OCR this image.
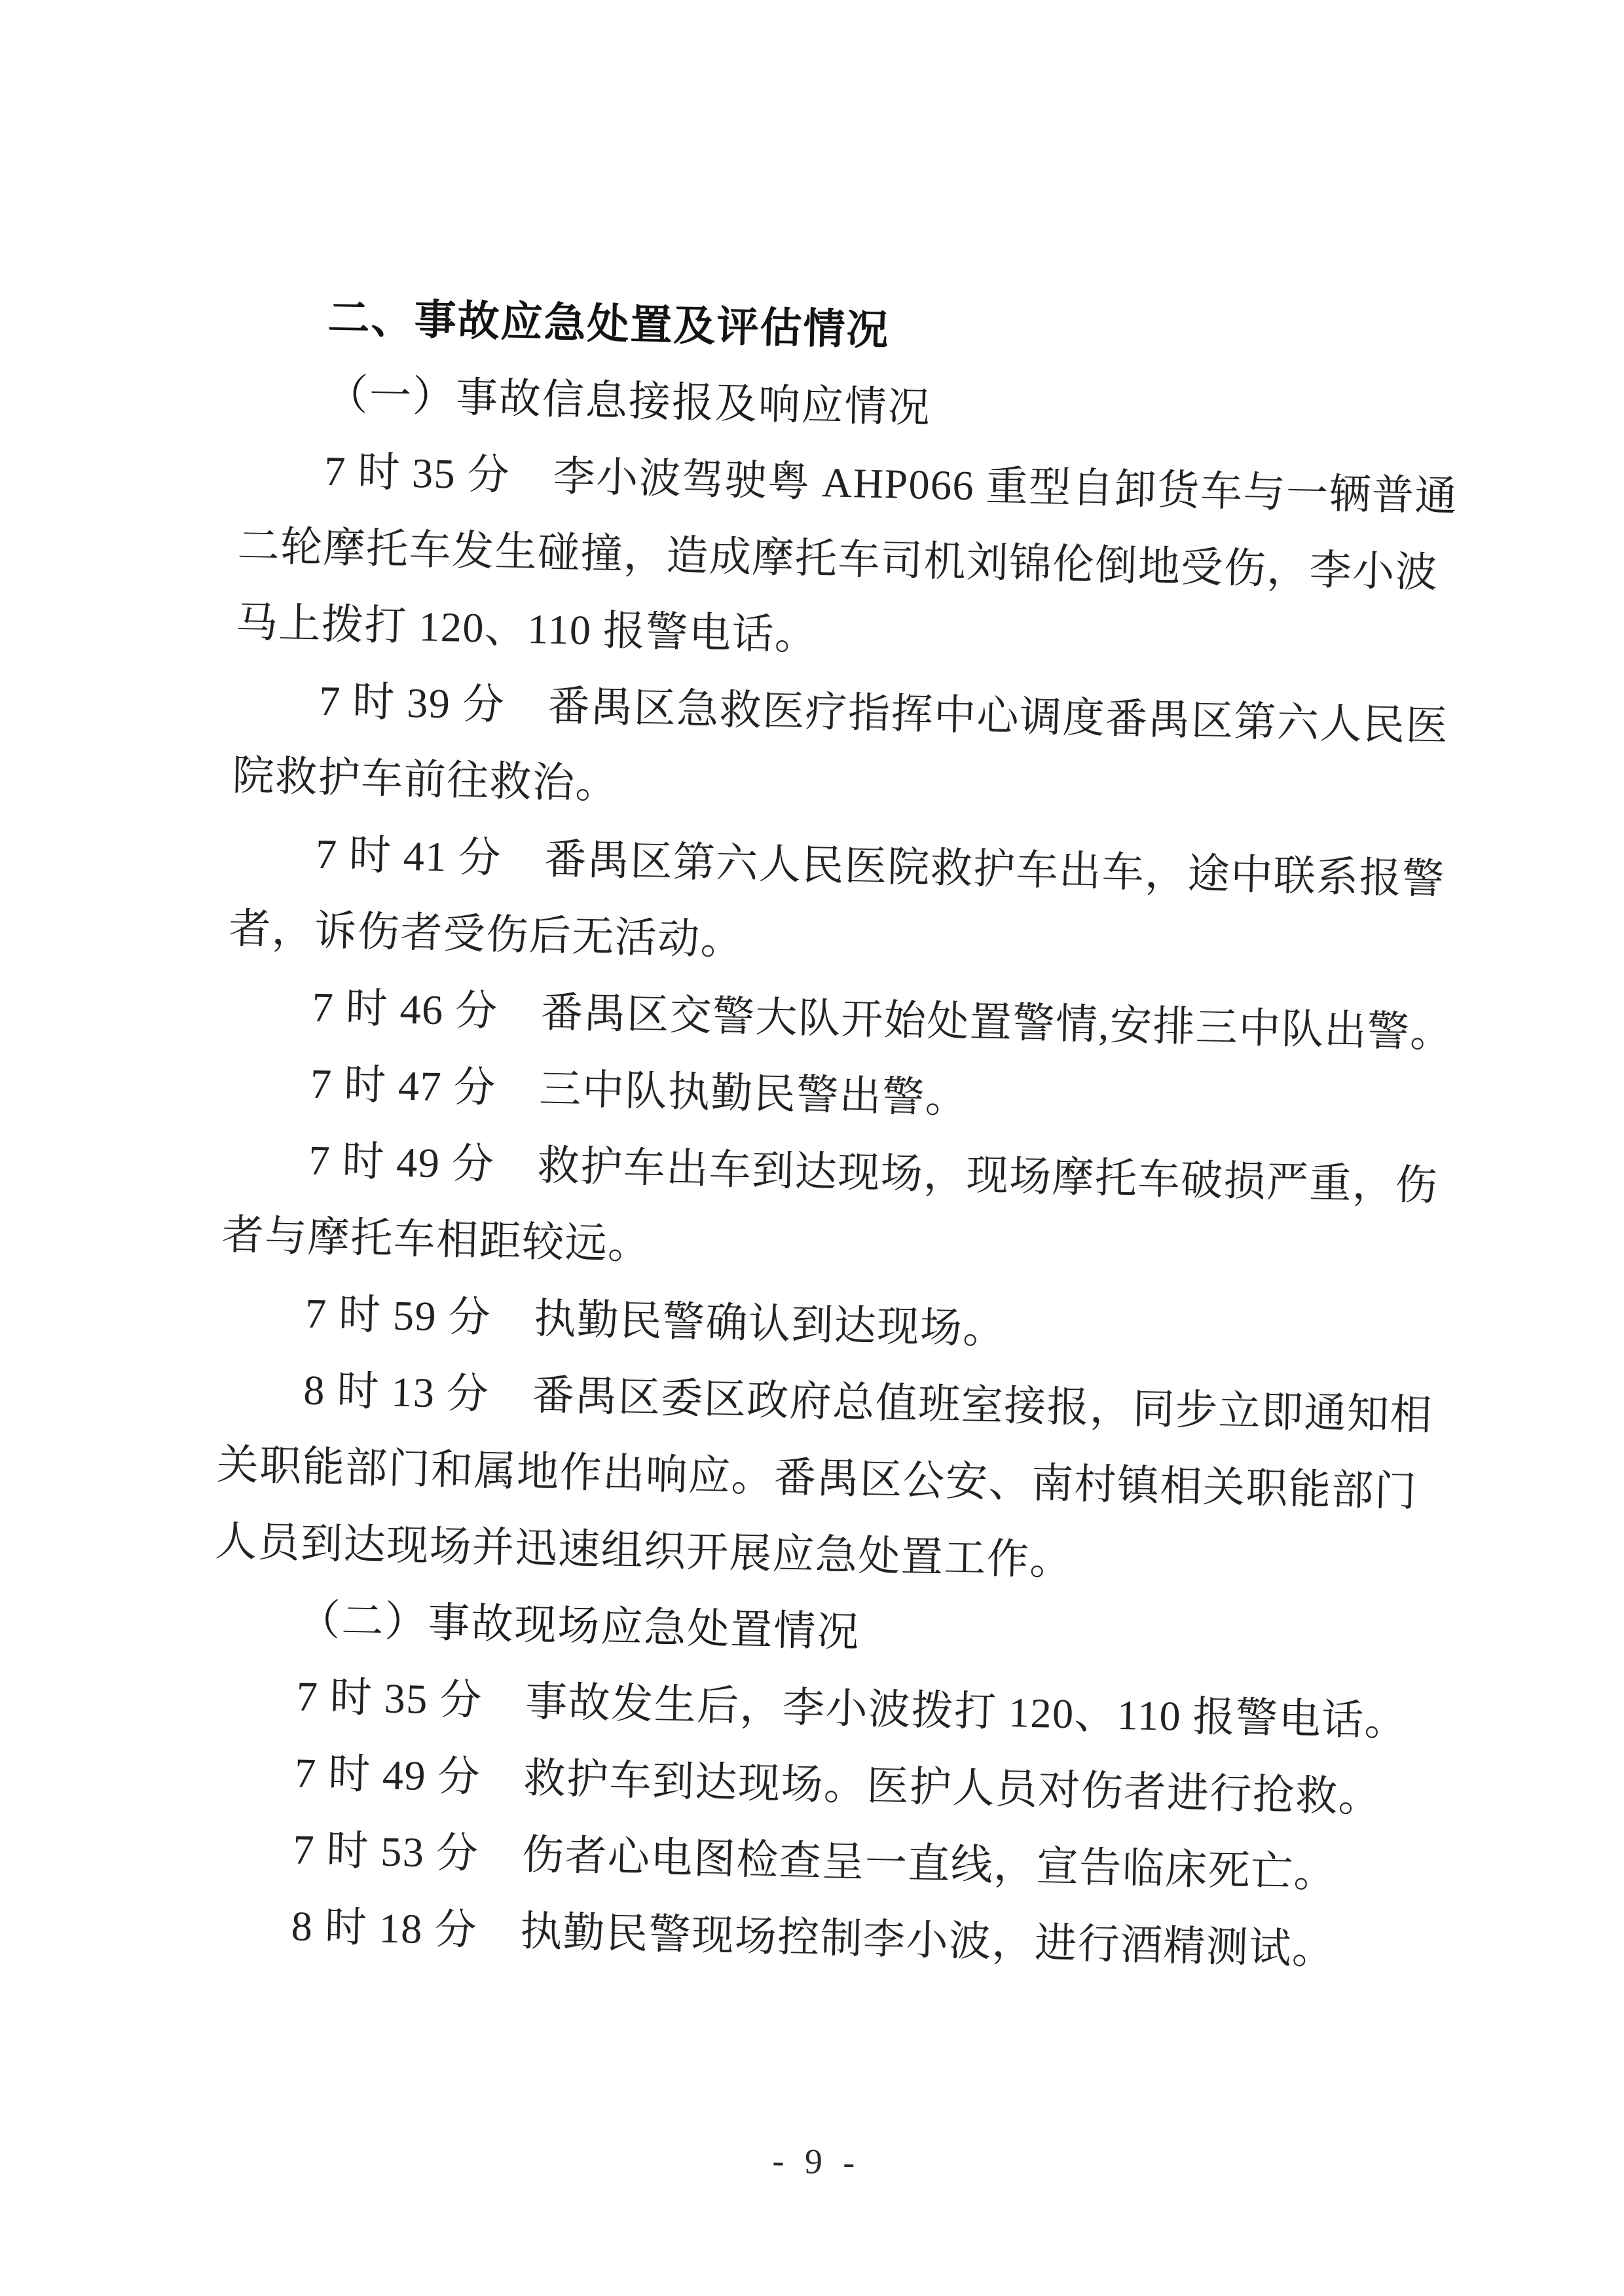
二、事故应急处置及评估情况
（一）事故信息接报及响应情况
7 时 35 分　李小波驾驶粤 AHP066 重型自卸货车与一辆普通
二轮摩托车发生碰撞，造成摩托车司机刘锦伦倒地受伤，李小波
马上拨打 120、110 报警电话。
7 时 39 分　番禺区急救医疗指挥中心调度番禺区第六人民医
院救护车前往救治。
7 时 41 分　番禺区第六人民医院救护车出车，途中联系报警
者，诉伤者受伤后无活动。
7 时 46 分　番禺区交警大队开始处置警情,安排三中队出警。
7 时 47 分　三中队执勤民警出警。
7 时 49 分　救护车出车到达现场，现场摩托车破损严重，伤
者与摩托车相距较远。
7 时 59 分　执勤民警确认到达现场。
8 时 13 分　番禺区委区政府总值班室接报，同步立即通知相
关职能部门和属地作出响应。番禺区公安、南村镇相关职能部门
人员到达现场并迅速组织开展应急处置工作。
（二）事故现场应急处置情况
7 时 35 分　事故发生后，李小波拨打 120、110 报警电话。
7 时 49 分　救护车到达现场。医护人员对伤者进行抢救。
7 时 53 分　伤者心电图检查呈一直线，宣告临床死亡。
8 时 18 分　执勤民警现场控制李小波，进行酒精测试。
- 9 -
